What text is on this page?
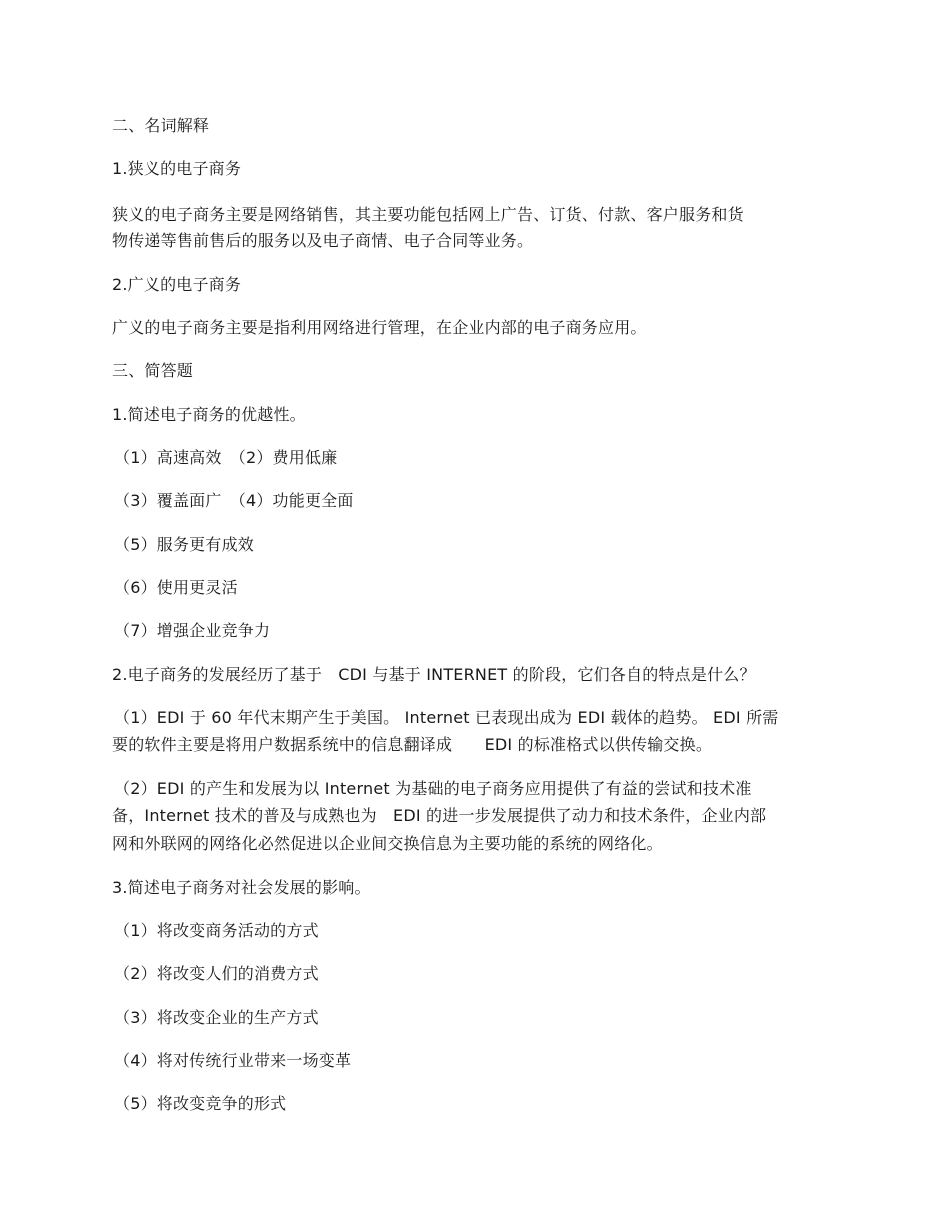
二、名词解释
1.狭义的电子商务
狭义的电子商务主要是网络销售，其主要功能包括网上广告、订货、付款、客户服务和货
物传递等售前售后的服务以及电子商情、电子合同等业务。
2.广义的电子商务
广义的电子商务主要是指利用网络进行管理，在企业内部的电子商务应用。
三、简答题
1.简述电子商务的优越性。
（1）高速高效　（2）费用低廉
（3）覆盖面广　（4）功能更全面
（5）服务更有成效
（6）使用更灵活
（7）增强企业竞争力
2.电子商务的发展经历了基于　CDI 与基于 INTERNET 的阶段，它们各自的特点是什么？
（1）EDI 于 60 年代末期产生于美国。 Internet 已表现出成为 EDI 载体的趋势。 EDI 所需
要的软件主要是将用户数据系统中的信息翻译成　　EDI 的标准格式以供传输交换。
（2）EDI 的产生和发展为以 Internet 为基础的电子商务应用提供了有益的尝试和技术准
备，Internet 技术的普及与成熟也为　EDI 的进一步发展提供了动力和技术条件，企业内部
网和外联网的网络化必然促进以企业间交换信息为主要功能的系统的网络化。
3.简述电子商务对社会发展的影响。
（1）将改变商务活动的方式
（2）将改变人们的消费方式
（3）将改变企业的生产方式
（4）将对传统行业带来一场变革
（5）将改变竞争的形式
